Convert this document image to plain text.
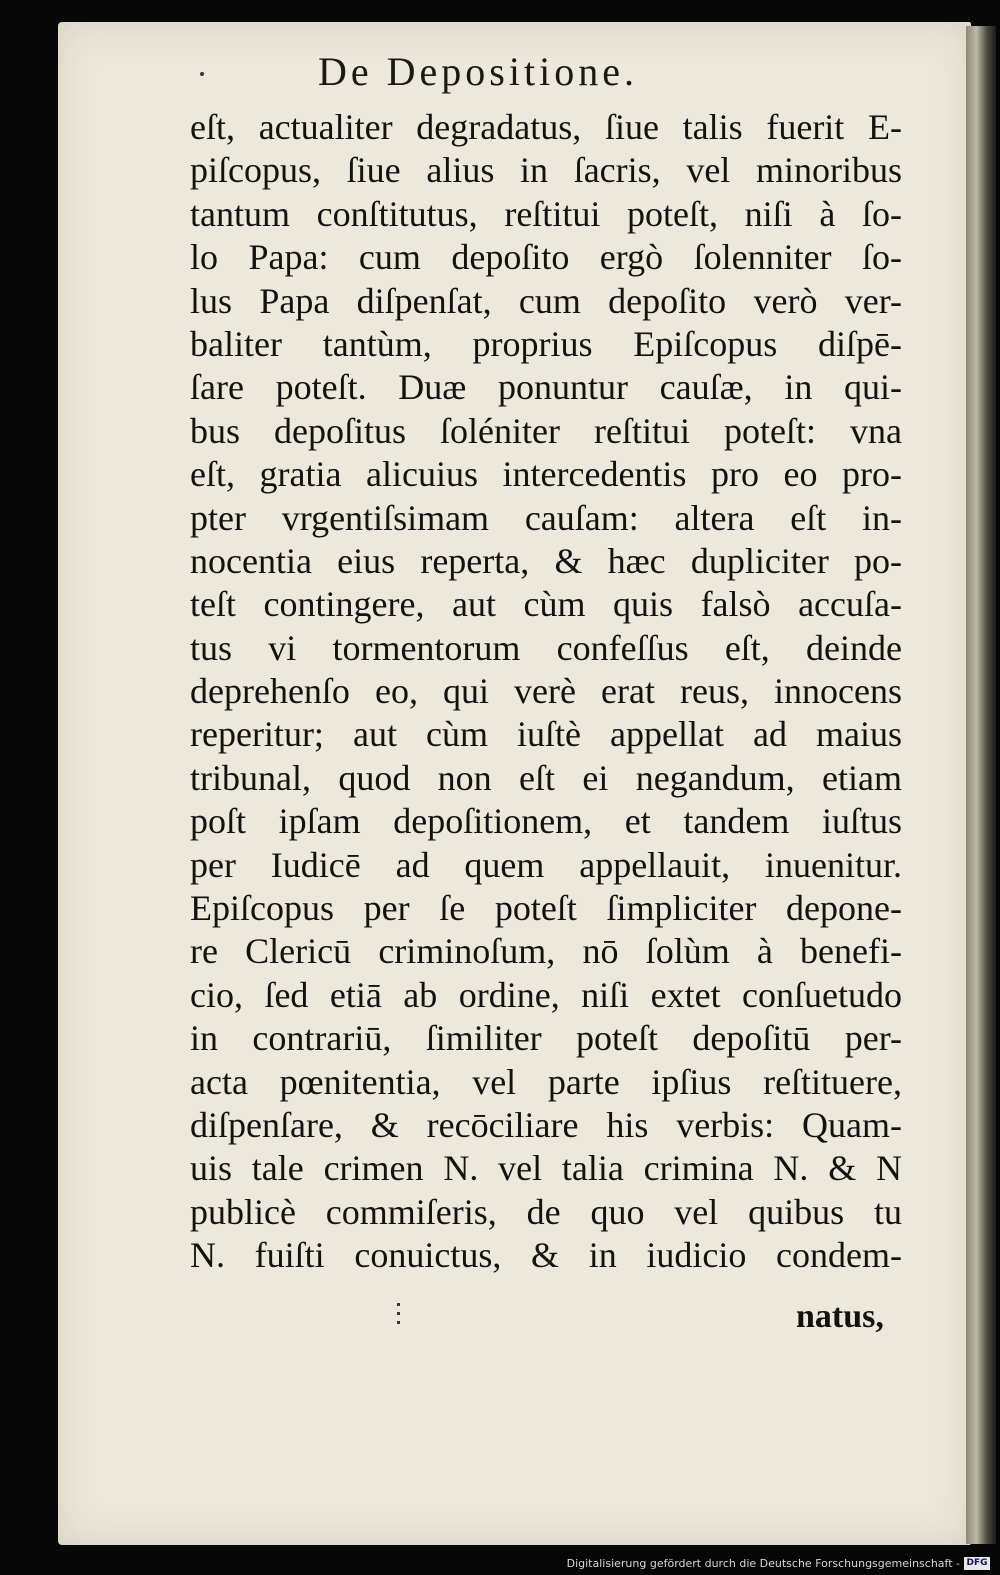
De Depositione.
eſt, actualiter degradatus, ſiue talis fuerit E-
piſcopus, ſiue alius in ſacris, vel minoribus
tantum conſtitutus, reſtitui poteſt, niſi à ſo-
lo Papa: cum depoſito ergò ſolenniter ſo-
lus Papa diſpenſat, cum depoſito verò ver-
baliter tantùm, proprius Epiſcopus diſpē-
ſare poteſt. Duæ ponuntur cauſæ, in qui-
bus depoſitus ſoléniter reſtitui poteſt: vna
eſt, gratia alicuius intercedentis pro eo pro-
pter vrgentiſsimam cauſam: altera eſt in-
nocentia eius reperta, & hæc dupliciter po-
teſt contingere, aut cùm quis falsò accuſa-
tus vi tormentorum confeſſus eſt, deinde
deprehenſo eo, qui verè erat reus, innocens
reperitur; aut cùm iuſtè appellat ad maius
tribunal, quod non eſt ei negandum, etiam
poſt ipſam depoſitionem, et tandem iuſtus
per Iudicē ad quem appellauit, inuenitur.
Epiſcopus per ſe poteſt ſimpliciter depone-
re Clericū criminoſum, nō ſolùm à benefi-
cio, ſed etiā ab ordine, niſi extet conſuetudo
in contrariū, ſimiliter poteſt depoſitū per-
acta pœnitentia, vel parte ipſius reſtituere,
diſpenſare, & recōciliare his verbis: Quam-
uis tale crimen N. vel talia crimina N. & N
publicè commiſeris, de quo vel quibus tu
N. fuiſti conuictus, & in iudicio condem-
natus,
Digitalisierung gefördert durch die Deutsche Forschungsgemeinschaft - DFG
